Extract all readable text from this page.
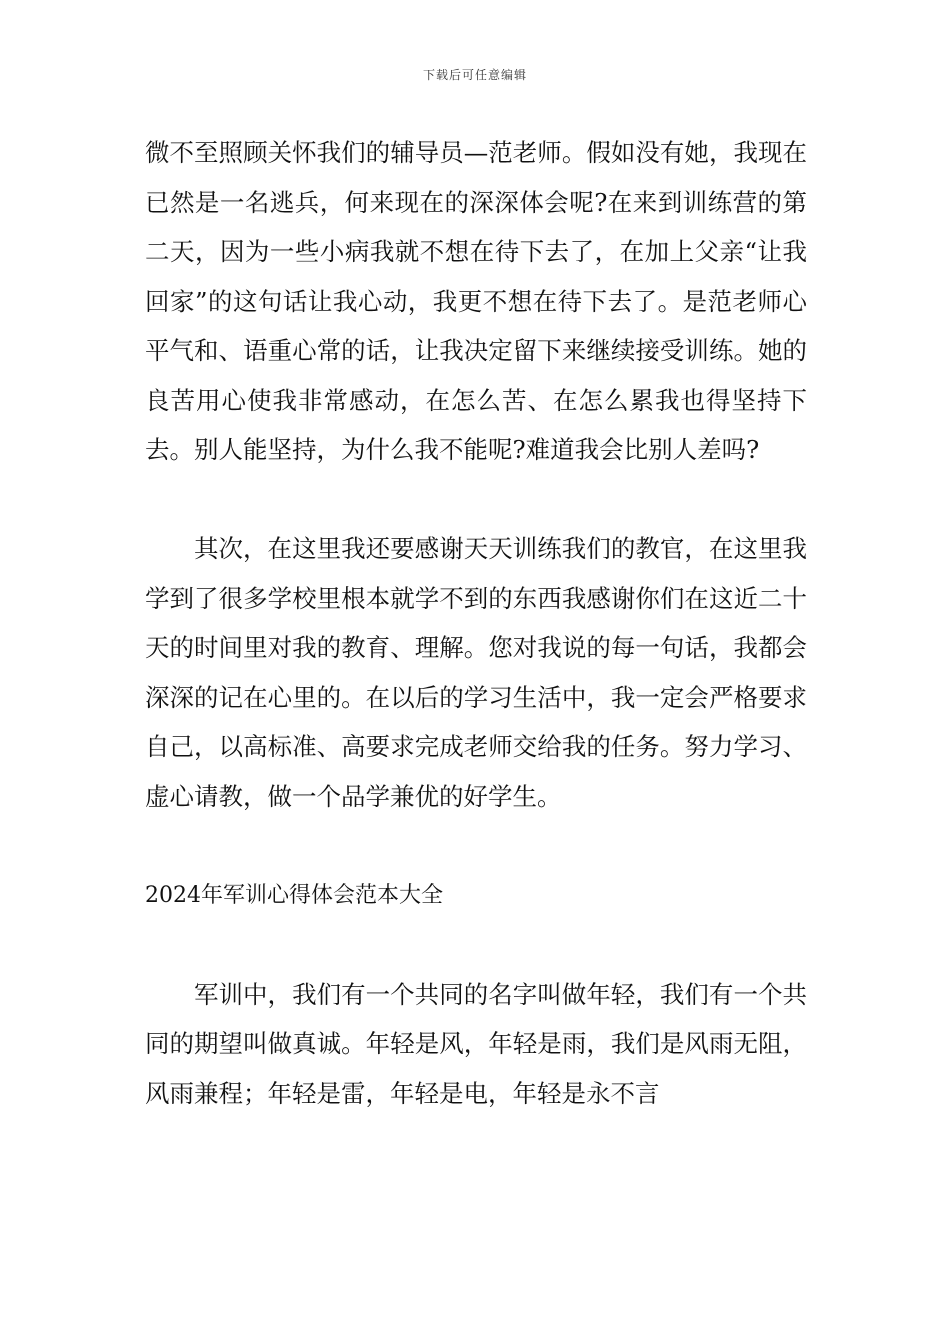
下载后可任意编辑

微不至照顾关怀我们的辅导员—范老师。假如没有她，我现在已然是一名逃兵，何来现在的深深体会呢?在来到训练营的第二天，因为一些小病我就不想在待下去了，在加上父亲“让我回家”的这句话让我心动，我更不想在待下去了。是范老师心平气和、语重心常的话，让我决定留下来继续接受训练。她的良苦用心使我非常感动，在怎么苦、在怎么累我也得坚持下去。别人能坚持，为什么我不能呢?难道我会比别人差吗?

其次，在这里我还要感谢天天训练我们的教官，在这里我学到了很多学校里根本就学不到的东西我感谢你们在这近二十天的时间里对我的教育、理解。您对我说的每一句话，我都会深深的记在心里的。在以后的学习生活中，我一定会严格要求自己，以高标准、高要求完成老师交给我的任务。努力学习、虚心请教，做一个品学兼优的好学生。

2024年军训心得体会范本大全

军训中，我们有一个共同的名字叫做年轻，我们有一个共同的期望叫做真诚。年轻是风，年轻是雨，我们是风雨无阻，风雨兼程；年轻是雷，年轻是电，年轻是永不言
